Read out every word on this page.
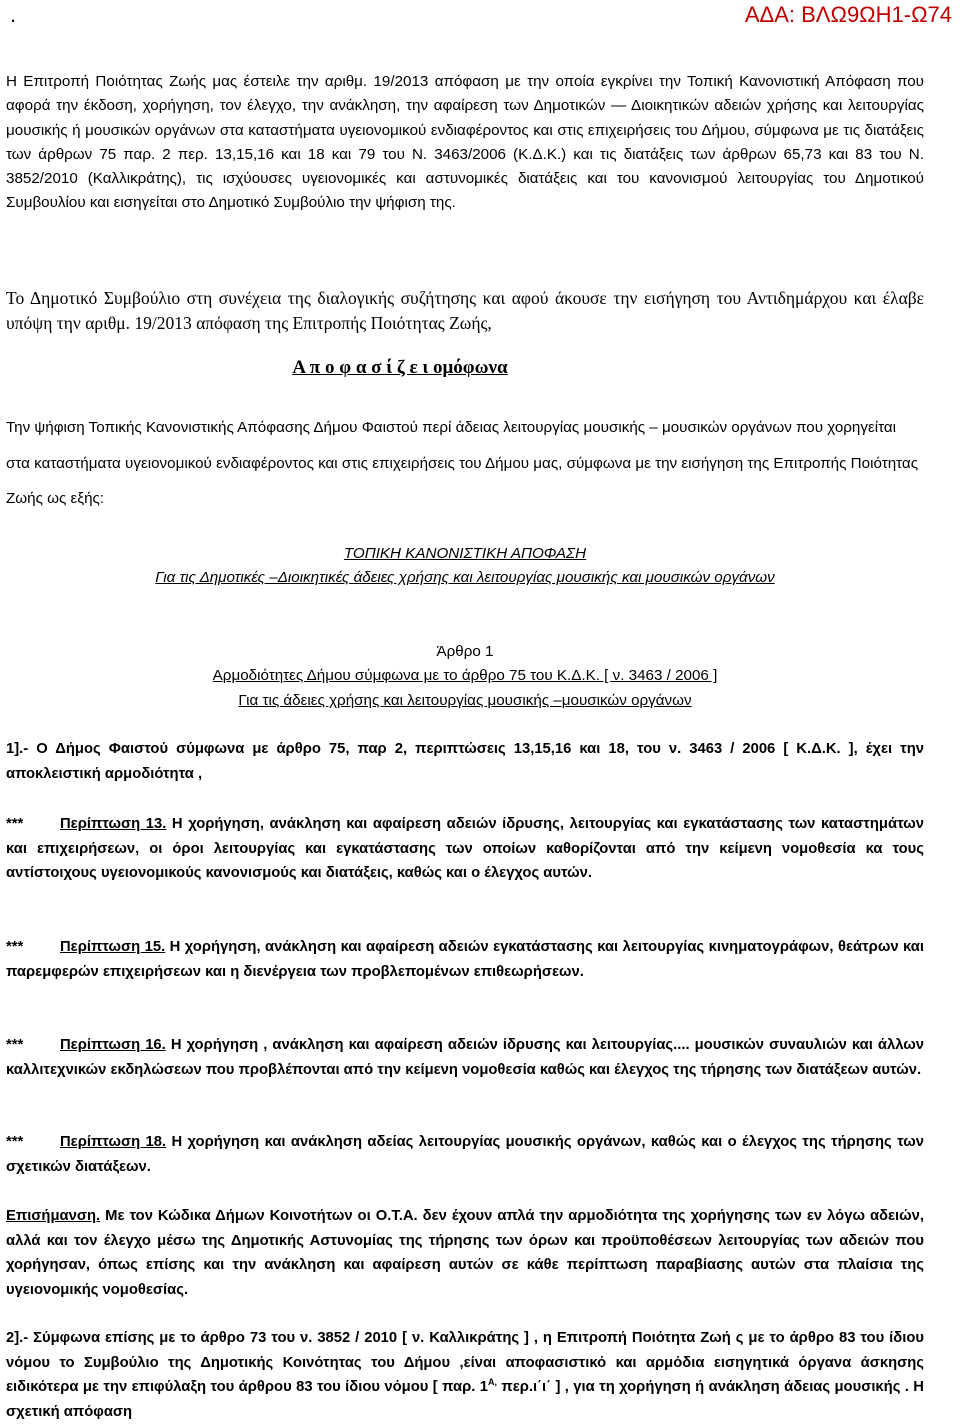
.	ΑΔΑ: ΒΛΩ9ΩΗ1-Ω74

Η Επιτροπή Ποιότητας Ζωής μας έστειλε την αριθμ. 19/2013 απόφαση με την οποία εγκρίνει την Τοπική Κανονιστική Απόφαση που αφορά την έκδοση, χορήγηση, τον έλεγχο, την ανάκληση, την αφαίρεση των Δημοτικών — Διοικητικών αδειών χρήσης και λειτουργίας μουσικής ή μουσικών οργάνων στα καταστήματα υγειονομικού ενδιαφέροντος και στις επιχειρήσεις του Δήμου, σύμφωνα με τις διατάξεις των άρθρων 75 παρ. 2 περ. 13,15,16 και 18 και 79 του Ν. 3463/2006 (Κ.Δ.Κ.) και τις διατάξεις των άρθρων 65,73 και 83 του Ν. 3852/2010 (Καλλικράτης), τις ισχύουσες υγειονομικές και αστυνομικές διατάξεις και του κανονισμού λειτουργίας του Δημοτικού Συμβουλίου και εισηγείται στο Δημοτικό Συμβούλιο την ψήφιση της.

Το Δημοτικό Συμβούλιο στη συνέχεια της διαλογικής συζήτησης και αφού άκουσε την εισήγηση του Αντιδημάρχου και έλαβε υπόψη την αριθμ. 19/2013 απόφαση της Επιτροπής Ποιότητας Ζωής,

Α π ο φ α σ ί ζ ε ι ομόφωνα

Την ψήφιση Τοπικής Κανονιστικής Απόφασης Δήμου Φαιστού περί άδειας λειτουργίας μουσικής – μουσικών οργάνων που χορηγείται στα καταστήματα υγειονομικού ενδιαφέροντος και στις επιχειρήσεις του Δήμου μας, σύμφωνα με την εισήγηση της Επιτροπής Ποιότητας Ζωής ως εξής:

ΤΟΠΙΚΗ ΚΑΝΟΝΙΣΤΙΚΗ ΑΠΟΦΑΣΗ
Για τις Δημοτικές –Διοικητικές άδειες χρήσης και λειτουργίας μουσικής και μουσικών οργάνων
Άρθρο 1
Αρμοδιότητες Δήμου σύμφωνα με το άρθρο 75 του Κ.Δ.Κ. [ ν. 3463 / 2006 ]
Για τις άδειες χρήσης και λειτουργίας μουσικής –μουσικών οργάνων

1].- Ο Δήμος Φαιστού σύμφωνα με άρθρο 75, παρ 2, περιπτώσεις 13,15,16 και 18, του ν. 3463 / 2006 [ Κ.Δ.Κ. ], έχει την αποκλειστική αρμοδιότητα ,

*** Περίπτωση 13. Η χορήγηση, ανάκληση και αφαίρεση αδειών ίδρυσης, λειτουργίας και εγκατάστασης των καταστημάτων και επιχειρήσεων, οι όροι λειτουργίας και εγκατάστασης των οποίων καθορίζονται από την κείμενη νομοθεσία κα τους αντίστοιχους υγειονομικούς κανονισμούς και διατάξεις, καθώς και ο έλεγχος αυτών.

*** Περίπτωση 15. Η χορήγηση, ανάκληση και αφαίρεση αδειών εγκατάστασης και λειτουργίας κινηματογράφων, θεάτρων και παρεμφερών επιχειρήσεων και η διενέργεια των προβλεπομένων επιθεωρήσεων.

*** Περίπτωση 16. Η χορήγηση , ανάκληση και αφαίρεση αδειών ίδρυσης και λειτουργίας.... μουσικών συναυλιών και άλλων καλλιτεχνικών εκδηλώσεων που προβλέπονται από την κείμενη νομοθεσία καθώς και έλεγχος της τήρησης των διατάξεων αυτών.

*** Περίπτωση 18. Η χορήγηση και ανάκληση αδείας λειτουργίας μουσικής οργάνων, καθώς και ο έλεγχος της τήρησης των σχετικών διατάξεων.

Επισήμανση. Με τον Κώδικα Δήμων Κοινοτήτων οι Ο.Τ.Α. δεν έχουν απλά την αρμοδιότητα της χορήγησης των εν λόγω αδειών, αλλά και τον έλεγχο μέσω της Δημοτικής Αστυνομίας της τήρησης των όρων και προϋποθέσεων λειτουργίας των αδειών που χορήγησαν, όπως επίσης και την ανάκληση και αφαίρεση αυτών σε κάθε περίπτωση παραβίασης αυτών στα πλαίσια της υγειονομικής νομοθεσίας.

2].- Σύμφωνα επίσης με το άρθρο 73 του ν. 3852 / 2010 [ ν. Καλλικράτης ] , η Επιτροπή Ποιότητα Ζωή ς με το άρθρο 83 του ίδιου νόμου το Συμβούλιο της Δημοτικής Κοινότητας του Δήμου ,είναι αποφασιστικό και αρμόδια εισηγητικά όργανα άσκησης ειδικότερα με την επιφύλαξη του άρθρου 83 του ίδιου νόμου [ παρ. $1^{A,}$ περ.ι΄ι΄ ] , για τη χορήγηση ή ανάκληση άδειας μουσικής . Η σχετική απόφαση
